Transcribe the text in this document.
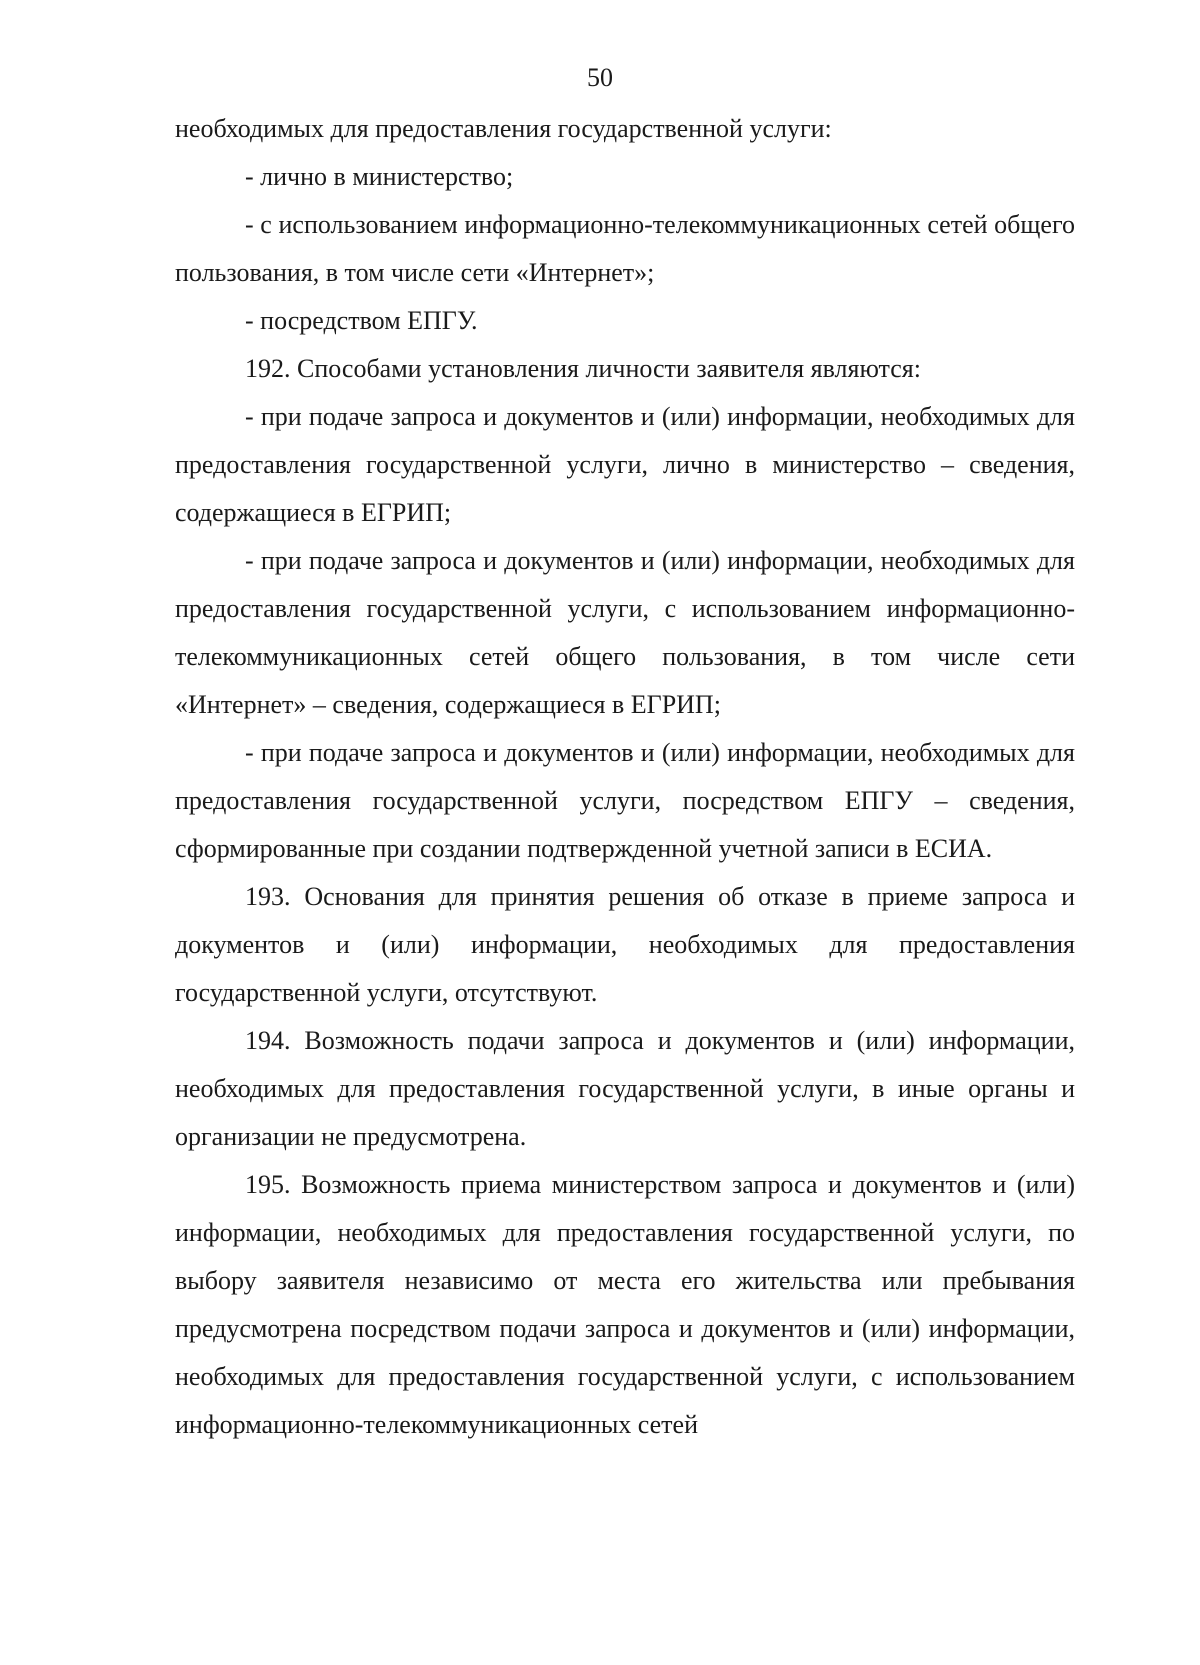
50

необходимых для предоставления государственной услуги:

- лично в министерство;

- с использованием информационно-телекоммуникационных сетей общего пользования, в том числе сети «Интернет»;

- посредством ЕПГУ.

192. Способами установления личности заявителя являются:

- при подаче запроса и документов и (или) информации, необходимых для предоставления государственной услуги, лично в министерство – сведения, содержащиеся в ЕГРИП;

- при подаче запроса и документов и (или) информации, необходимых для предоставления государственной услуги, с использованием информационно-телекоммуникационных сетей общего пользования, в том числе сети «Интернет» – сведения, содержащиеся в ЕГРИП;

- при подаче запроса и документов и (или) информации, необходимых для предоставления государственной услуги, посредством ЕПГУ – сведения, сформированные при создании подтвержденной учетной записи в ЕСИА.

193. Основания для принятия решения об отказе в приеме запроса и документов и (или) информации, необходимых для предоставления государственной услуги, отсутствуют.

194. Возможность подачи запроса и документов и (или) информации, необходимых для предоставления государственной услуги, в иные органы и организации не предусмотрена.

195. Возможность приема министерством запроса и документов и (или) информации, необходимых для предоставления государственной услуги, по выбору заявителя независимо от места его жительства или пребывания предусмотрена посредством подачи запроса и документов и (или) информации, необходимых для предоставления государственной услуги, с использованием информационно-телекоммуникационных сетей
